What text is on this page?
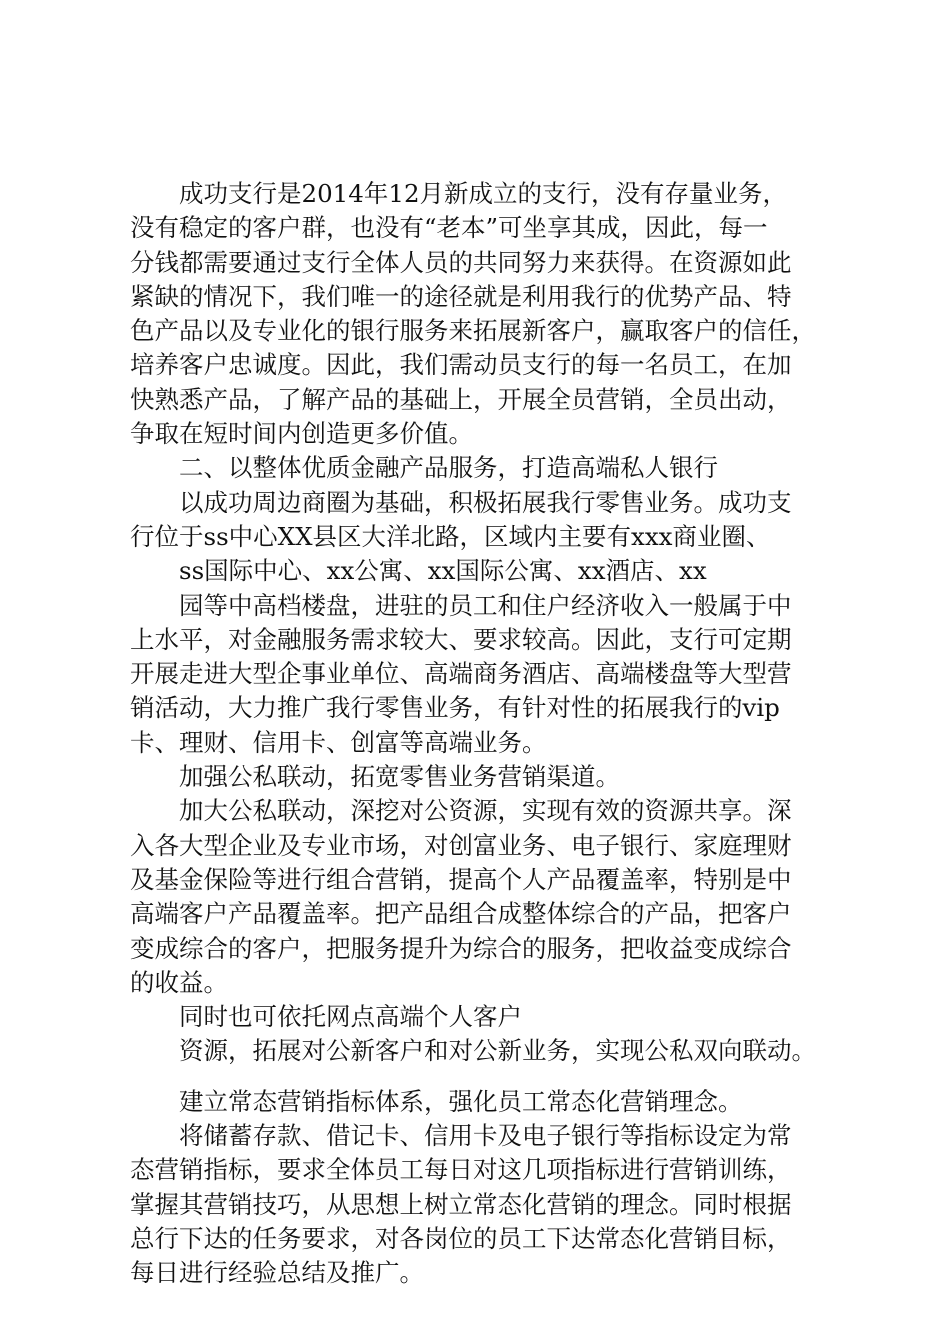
成功支行是2014年12月新成立的支行，没有存量业务，
没有稳定的客户群，也没有“老本”可坐享其成，因此，每一
分钱都需要通过支行全体人员的共同努力来获得。在资源如此
紧缺的情况下，我们唯一的途径就是利用我行的优势产品、特
色产品以及专业化的银行服务来拓展新客户，赢取客户的信任，
培养客户忠诚度。因此，我们需动员支行的每一名员工，在加
快熟悉产品，了解产品的基础上，开展全员营销，全员出动，
争取在短时间内创造更多价值。
二、以整体优质金融产品服务，打造高端私人银行
以成功周边商圈为基础，积极拓展我行零售业务。成功支
行位于ss中心XX县区大洋北路，区域内主要有xxx商业圈、
ss国际中心、xx公寓、xx国际公寓、xx酒店、xx
园等中高档楼盘，进驻的员工和住户经济收入一般属于中
上水平，对金融服务需求较大、要求较高。因此，支行可定期
开展走进大型企事业单位、高端商务酒店、高端楼盘等大型营
销活动，大力推广我行零售业务，有针对性的拓展我行的vip
卡、理财、信用卡、创富等高端业务。
加强公私联动，拓宽零售业务营销渠道。
加大公私联动，深挖对公资源，实现有效的资源共享。深
入各大型企业及专业市场，对创富业务、电子银行、家庭理财
及基金保险等进行组合营销，提高个人产品覆盖率，特别是中
高端客户产品覆盖率。把产品组合成整体综合的产品，把客户
变成综合的客户，把服务提升为综合的服务，把收益变成综合
的收益。
同时也可依托网点高端个人客户
资源，拓展对公新客户和对公新业务，实现公私双向联动。
建立常态营销指标体系，强化员工常态化营销理念。
将储蓄存款、借记卡、信用卡及电子银行等指标设定为常
态营销指标，要求全体员工每日对这几项指标进行营销训练，
掌握其营销技巧，从思想上树立常态化营销的理念。同时根据
总行下达的任务要求，对各岗位的员工下达常态化营销目标，
每日进行经验总结及推广。
